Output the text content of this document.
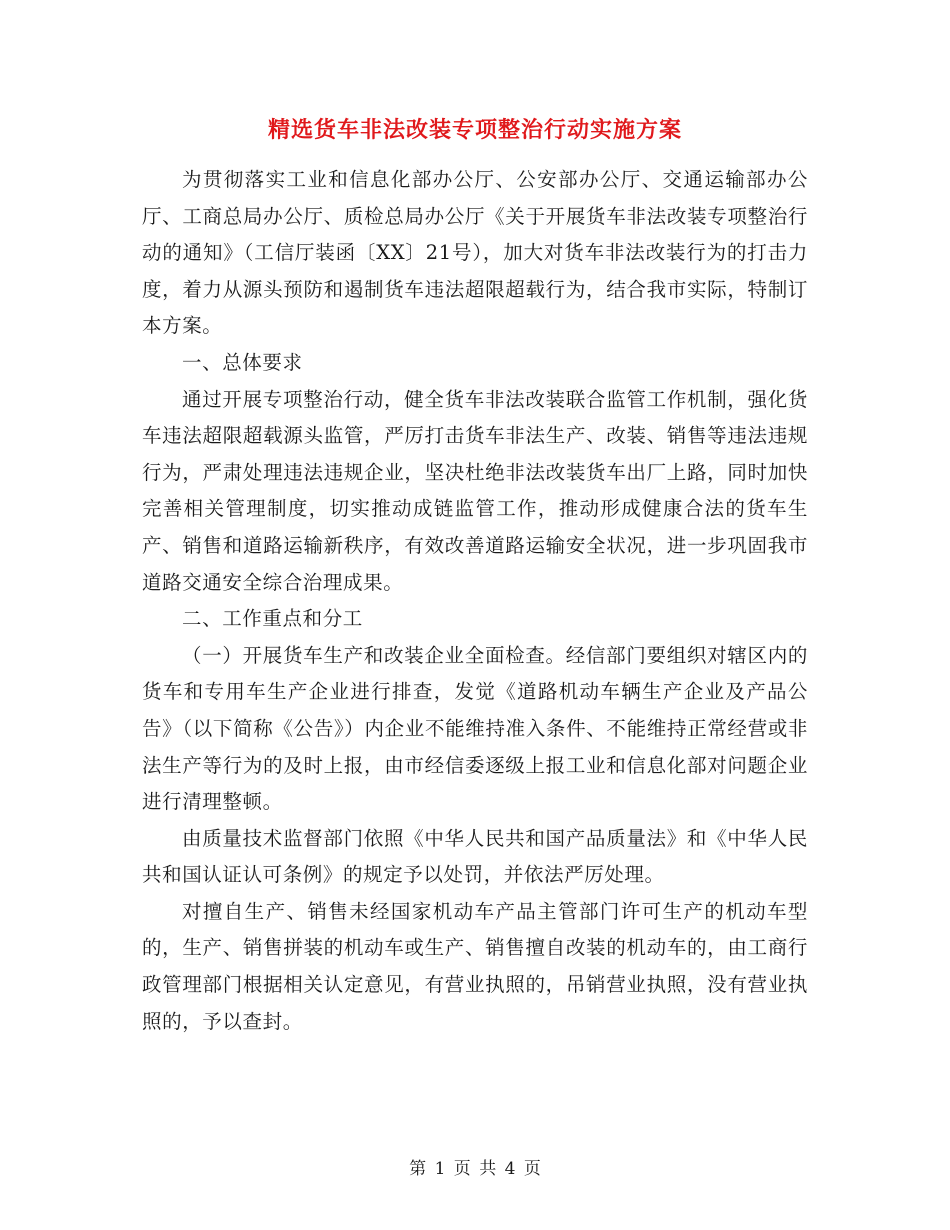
精选货车非法改装专项整治行动实施方案

为贯彻落实工业和信息化部办公厅、公安部办公厅、交通运输部办公厅、工商总局办公厅、质检总局办公厅《关于开展货车非法改装专项整治行动的通知》（工信厅装函〔XX〕21号），加大对货车非法改装行为的打击力度，着力从源头预防和遏制货车违法超限超载行为，结合我市实际，特制订本方案。

一、总体要求

通过开展专项整治行动，健全货车非法改装联合监管工作机制，强化货车违法超限超载源头监管，严厉打击货车非法生产、改装、销售等违法违规行为，严肃处理违法违规企业，坚决杜绝非法改装货车出厂上路，同时加快完善相关管理制度，切实推动成链监管工作，推动形成健康合法的货车生产、销售和道路运输新秩序，有效改善道路运输安全状况，进一步巩固我市道路交通安全综合治理成果。

二、工作重点和分工

（一）开展货车生产和改装企业全面检查。经信部门要组织对辖区内的货车和专用车生产企业进行排查，发觉《道路机动车辆生产企业及产品公告》（以下简称《公告》）内企业不能维持准入条件、不能维持正常经营或非法生产等行为的及时上报，由市经信委逐级上报工业和信息化部对问题企业进行清理整顿。

由质量技术监督部门依照《中华人民共和国产品质量法》和《中华人民共和国认证认可条例》的规定予以处罚，并依法严厉处理。

对擅自生产、销售未经国家机动车产品主管部门许可生产的机动车型的，生产、销售拼装的机动车或生产、销售擅自改装的机动车的，由工商行政管理部门根据相关认定意见，有营业执照的，吊销营业执照，没有营业执照的，予以查封。

第 1 页 共 4 页
